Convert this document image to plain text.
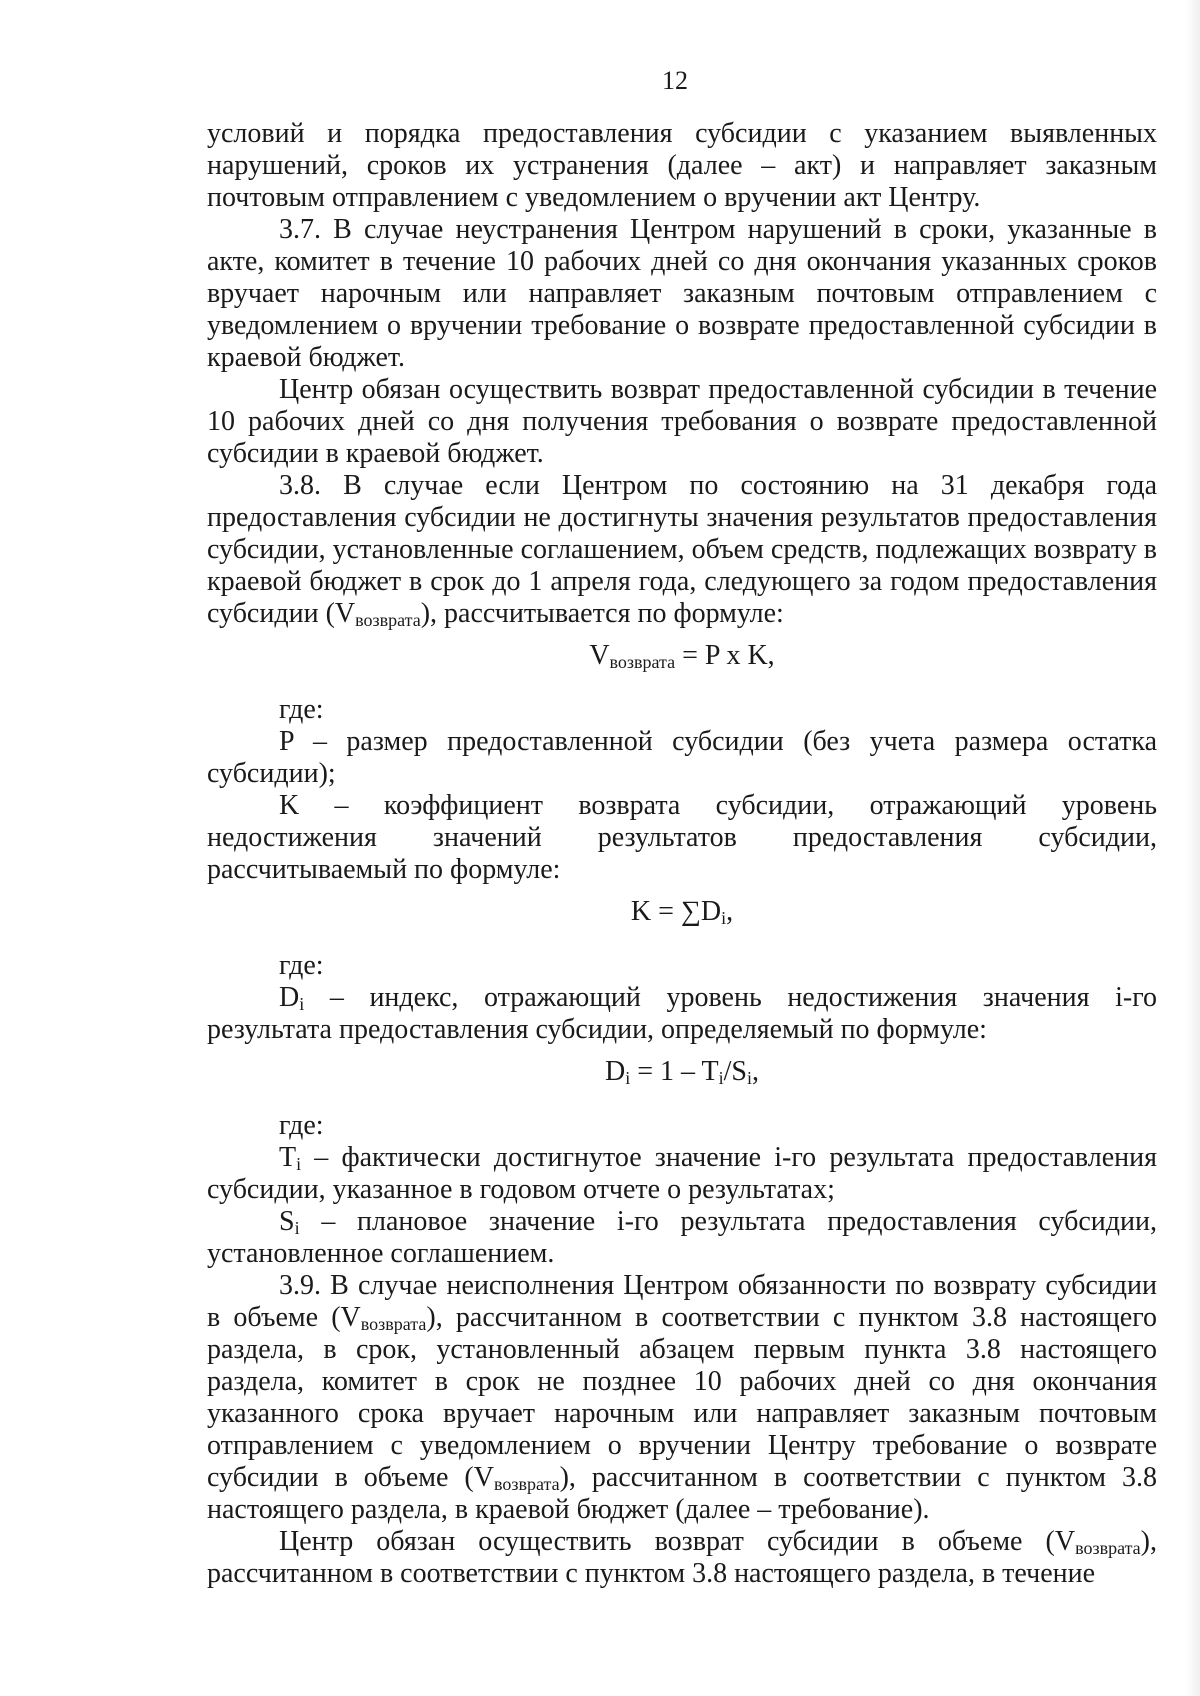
12

условий и порядка предоставления субсидии с указанием выявленных нарушений, сроков их устранения (далее – акт) и направляет заказным почтовым отправлением с уведомлением о вручении акт Центру.

3.7. В случае неустранения Центром нарушений в сроки, указанные в акте, комитет в течение 10 рабочих дней со дня окончания указанных сроков вручает нарочным или направляет заказным почтовым отправлением с уведомлением о вручении требование о возврате предоставленной субсидии в краевой бюджет.

Центр обязан осуществить возврат предоставленной субсидии в течение 10 рабочих дней со дня получения требования о возврате предоставленной субсидии в краевой бюджет.

3.8. В случае если Центром по состоянию на 31 декабря года предоставления субсидии не достигнуты значения результатов предоставления субсидии, установленные соглашением, объем средств, подлежащих возврату в краевой бюджет в срок до 1 апреля года, следующего за годом предоставления субсидии $(V_{возврата})$, рассчитывается по формуле:

$V_{возврата} = P$ x K,

где:

P – размер предоставленной субсидии (без учета размера остатка субсидии);

K – коэффициент возврата субсидии, отражающий уровень недостижения значений результатов предоставления субсидии, рассчитываемый по формуле:

$K = \sum D_i$,

где:

$D_i$ – индекс, отражающий уровень недостижения значения i-го результата предоставления субсидии, определяемый по формуле:

$D_i = 1 - T_i/S_i$,

где:

$T_i$ – фактически достигнутое значение i-го результата предоставления субсидии, указанное в годовом отчете о результатах;

$S_i$ – плановое значение i-го результата предоставления субсидии, установленное соглашением.

3.9. В случае неисполнения Центром обязанности по возврату субсидии в объеме $(V_{возврата})$, рассчитанном в соответствии с пунктом 3.8 настоящего раздела, в срок, установленный абзацем первым пункта 3.8 настоящего раздела, комитет в срок не позднее 10 рабочих дней со дня окончания указанного срока вручает нарочным или направляет заказным почтовым отправлением с уведомлением о вручении Центру требование о возврате субсидии в объеме $(V_{возврата})$, рассчитанном в соответствии с пунктом 3.8 настоящего раздела, в краевой бюджет (далее – требование).

Центр обязан осуществить возврат субсидии в объеме $(V_{возврата})$, рассчитанном в соответствии с пунктом 3.8 настоящего раздела, в течение
